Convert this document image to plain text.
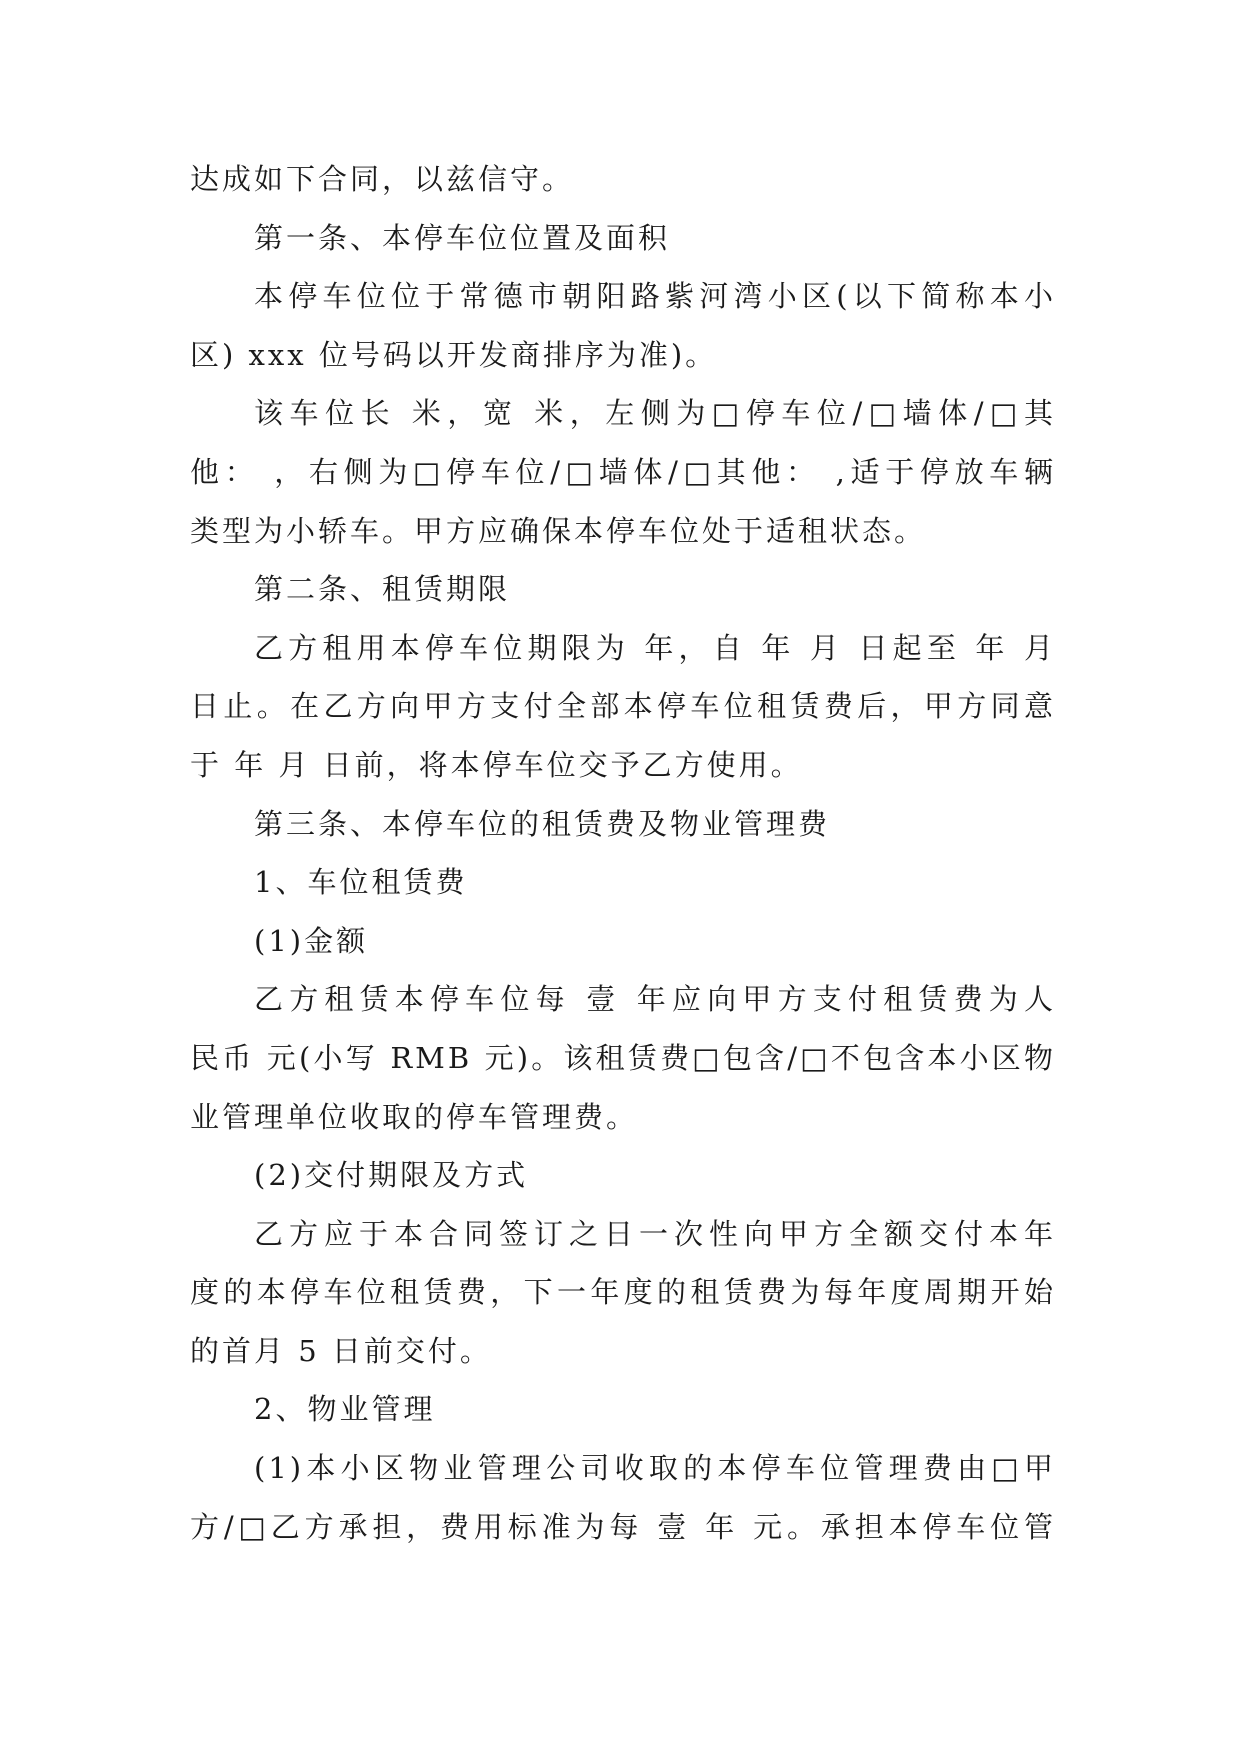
达成如下合同，以兹信守。
第一条、本停车位位置及面积
本停车位位于常德市朝阳路紫河湾小区(以下简称本小
区) xxx 位号码以开发商排序为准)。
该车位长 米，宽 米，左侧为□停车位/□墙体/□其
他： ，右侧为□停车位/□墙体/□其他： ,适于停放车辆
类型为小轿车。甲方应确保本停车位处于适租状态。
第二条、租赁期限
乙方租用本停车位期限为 年，自 年 月 日起至 年 月
日止。在乙方向甲方支付全部本停车位租赁费后，甲方同意
于 年 月 日前，将本停车位交予乙方使用。
第三条、本停车位的租赁费及物业管理费
1、车位租赁费
(1)金额
乙方租赁本停车位每 壹 年应向甲方支付租赁费为人
民币 元(小写 RMB 元)。该租赁费□包含/□不包含本小区物
业管理单位收取的停车管理费。
(2)交付期限及方式
乙方应于本合同签订之日一次性向甲方全额交付本年
度的本停车位租赁费，下一年度的租赁费为每年度周期开始
的首月 5 日前交付。
2、物业管理
(1)本小区物业管理公司收取的本停车位管理费由□甲
方/□乙方承担，费用标准为每 壹 年 元。承担本停车位管
